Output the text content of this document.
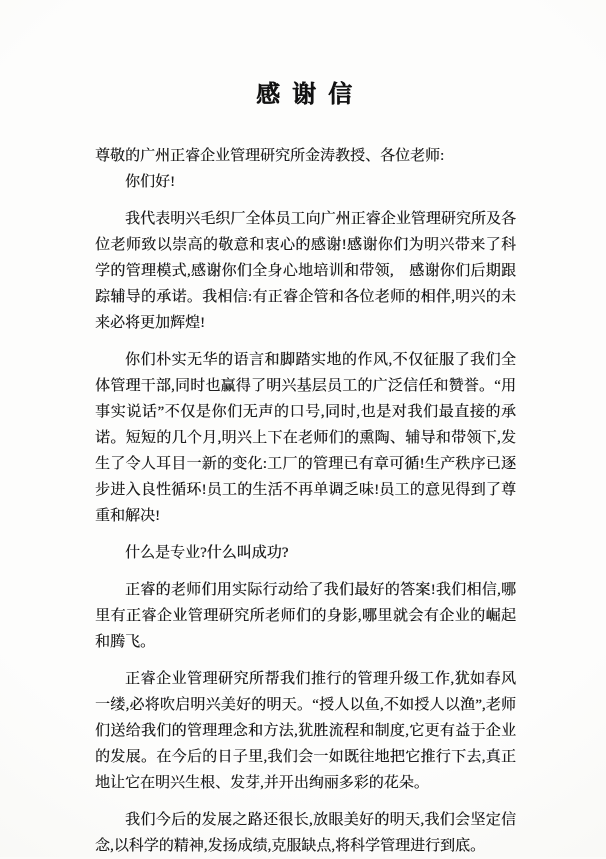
感 谢 信

尊敬的广州正睿企业管理研究所金涛教授、各位老师:

你们好!

我代表明兴毛织厂全体员工向广州正睿企业管理研究所及各位老师致以崇高的敬意和衷心的感谢!感谢你们为明兴带来了科学的管理模式,感谢你们全身心地培训和带领,　感谢你们后期跟踪辅导的承诺。我相信:有正睿企管和各位老师的相伴,明兴的未来必将更加辉煌!

你们朴实无华的语言和脚踏实地的作风,不仅征服了我们全体管理干部,同时也赢得了明兴基层员工的广泛信任和赞誉。“用事实说话”不仅是你们无声的口号,同时,也是对我们最直接的承诺。短短的几个月,明兴上下在老师们的熏陶、辅导和带领下,发生了令人耳目一新的变化:工厂的管理已有章可循!生产秩序已逐步进入良性循环!员工的生活不再单调乏味!员工的意见得到了尊重和解决!

什么是专业?什么叫成功?

正睿的老师们用实际行动给了我们最好的答案!我们相信,哪里有正睿企业管理研究所老师们的身影,哪里就会有企业的崛起和腾飞。

正睿企业管理研究所帮我们推行的管理升级工作,犹如春风一缕,必将吹启明兴美好的明天。“授人以鱼,不如授人以渔”,老师们送给我们的管理理念和方法,犹胜流程和制度,它更有益于企业的发展。在今后的日子里,我们会一如既往地把它推行下去,真正地让它在明兴生根、发芽,并开出绚丽多彩的花朵。

我们今后的发展之路还很长,放眼美好的明天,我们会坚定信念,以科学的精神,发扬成绩,克服缺点,将科学管理进行到底。
